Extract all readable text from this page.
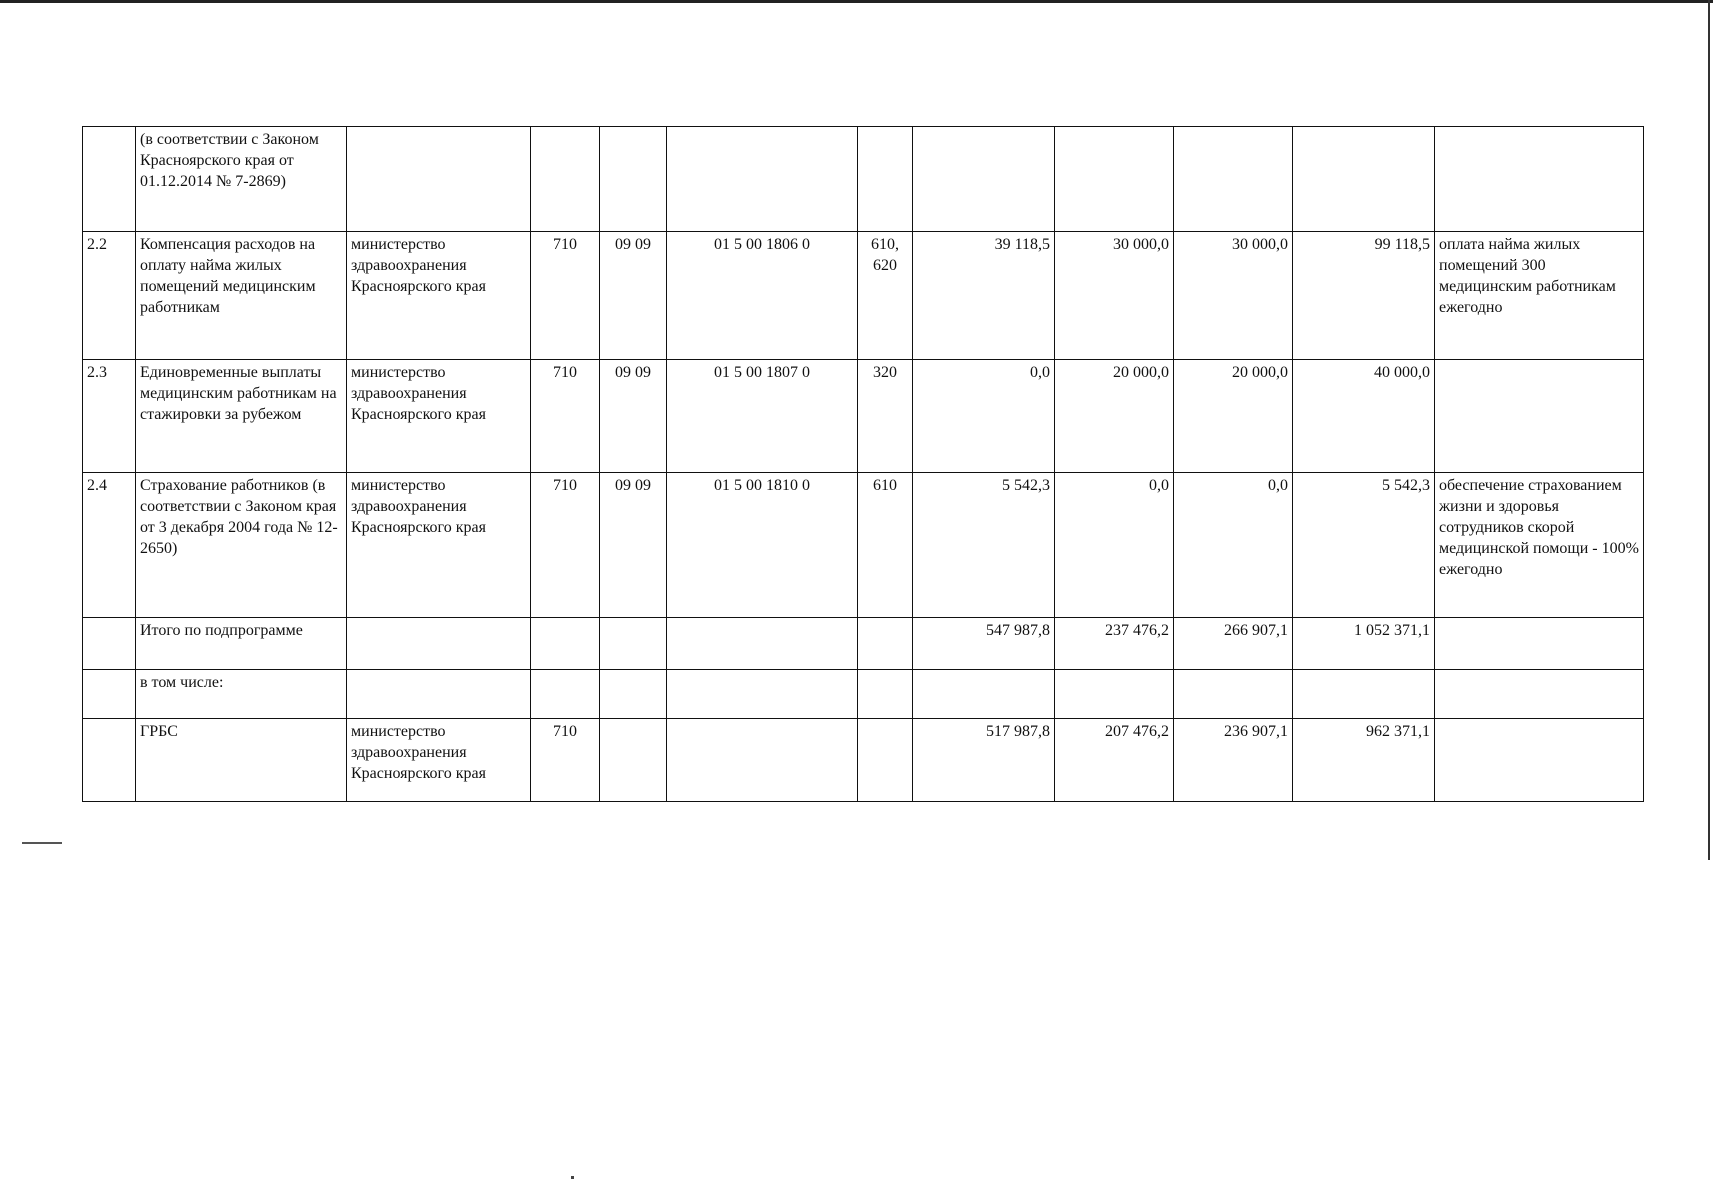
	(в соответствии с Законом Красноярского края от 01.12.2014 № 7-2869)										
2.2	Компенсация расходов на оплату найма жилых помещений медицинским работникам	министерство здравоохранения Красноярского края	710	09 09	01 5 00 1806 0	610, 620	39 118,5	30 000,0	30 000,0	99 118,5	оплата найма жилых помещений 300 медицинским работникам ежегодно
2.3	Единовременные выплаты медицинским работникам на стажировки за рубежом	министерство здравоохранения Красноярского края	710	09 09	01 5 00 1807 0	320	0,0	20 000,0	20 000,0	40 000,0	
2.4	Страхование работников (в соответствии с Законом края от 3 декабря 2004 года № 12-2650)	министерство здравоохранения Красноярского края	710	09 09	01 5 00 1810 0	610	5 542,3	0,0	0,0	5 542,3	обеспечение страхованием жизни и здоровья сотрудников скорой медицинской помощи - 100% ежегодно
	Итого по подпрограмме						547 987,8	237 476,2	266 907,1	1 052 371,1	
	в том числе:										
	ГРБС	министерство здравоохранения Красноярского края	710				517 987,8	207 476,2	236 907,1	962 371,1	
